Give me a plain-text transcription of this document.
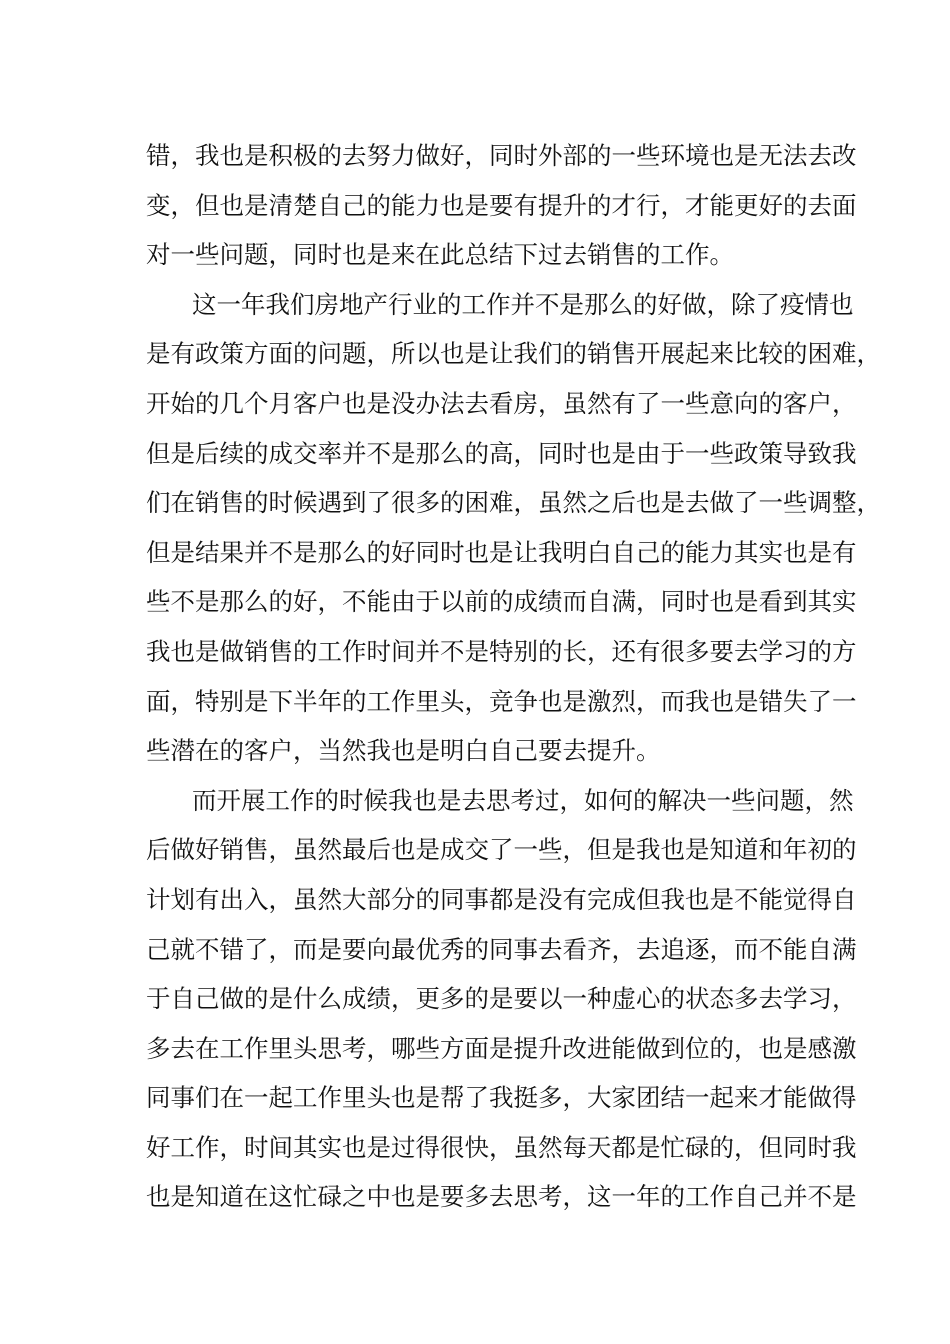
错，我也是积极的去努力做好，同时外部的一些环境也是无法去改
变，但也是清楚自己的能力也是要有提升的才行，才能更好的去面
对一些问题，同时也是来在此总结下过去销售的工作。
这一年我们房地产行业的工作并不是那么的好做，除了疫情也
是有政策方面的问题，所以也是让我们的销售开展起来比较的困难，
开始的几个月客户也是没办法去看房，虽然有了一些意向的客户，
但是后续的成交率并不是那么的高，同时也是由于一些政策导致我
们在销售的时候遇到了很多的困难，虽然之后也是去做了一些调整，
但是结果并不是那么的好同时也是让我明白自己的能力其实也是有
些不是那么的好，不能由于以前的成绩而自满，同时也是看到其实
我也是做销售的工作时间并不是特别的长，还有很多要去学习的方
面，特别是下半年的工作里头，竞争也是激烈，而我也是错失了一
些潜在的客户，当然我也是明白自己要去提升。
而开展工作的时候我也是去思考过，如何的解决一些问题，然
后做好销售，虽然最后也是成交了一些，但是我也是知道和年初的
计划有出入，虽然大部分的同事都是没有完成但我也是不能觉得自
己就不错了，而是要向最优秀的同事去看齐，去追逐，而不能自满
于自己做的是什么成绩，更多的是要以一种虚心的状态多去学习，
多去在工作里头思考，哪些方面是提升改进能做到位的，也是感激
同事们在一起工作里头也是帮了我挺多，大家团结一起来才能做得
好工作，时间其实也是过得很快，虽然每天都是忙碌的，但同时我
也是知道在这忙碌之中也是要多去思考，这一年的工作自己并不是
